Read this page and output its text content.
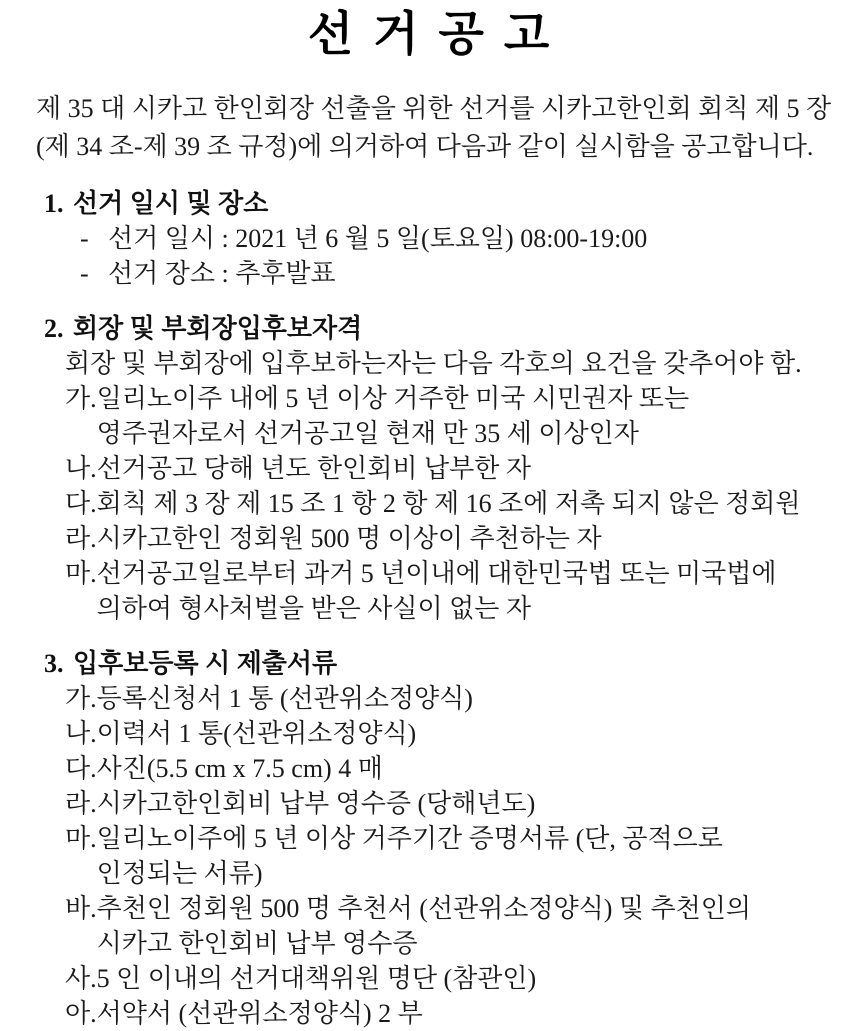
선거공고

제 35 대 시카고 한인회장 선출을 위한 선거를 시카고한인회 회칙 제 5 장
(제 34 조-제 39 조 규정)에 의거하여 다음과 같이 실시함을 공고합니다.

1. 선거 일시 및 장소
- 선거 일시 : 2021 년 6 월 5 일(토요일) 08:00-19:00
- 선거 장소 : 추후발표
2. 회장 및 부회장입후보자격
회장 및 부회장에 입후보하는자는 다음 각호의 요건을 갖추어야 함.
가. 일리노이주 내에 5 년 이상 거주한 미국 시민권자 또는
영주권자로서 선거공고일 현재 만 35 세 이상인자
나. 선거공고 당해 년도 한인회비 납부한 자
다. 회칙 제 3 장 제 15 조 1 항 2 항 제 16 조에 저촉 되지 않은 정회원
라. 시카고한인 정회원 500 명 이상이 추천하는 자
마. 선거공고일로부터 과거 5 년이내에 대한민국법 또는 미국법에
의하여 형사처벌을 받은 사실이 없는 자
3. 입후보등록 시 제출서류
가. 등록신청서 1 통 (선관위소정양식)
나. 이력서 1 통(선관위소정양식)
다. 사진(5.5 cm x 7.5 cm) 4 매
라. 시카고한인회비 납부 영수증 (당해년도)
마. 일리노이주에 5 년 이상 거주기간 증명서류 (단, 공적으로
인정되는 서류)
바. 추천인 정회원 500 명 추천서 (선관위소정양식) 및 추천인의
시카고 한인회비 납부 영수증
사. 5 인 이내의 선거대책위원 명단 (참관인)
아. 서약서 (선관위소정양식) 2 부
